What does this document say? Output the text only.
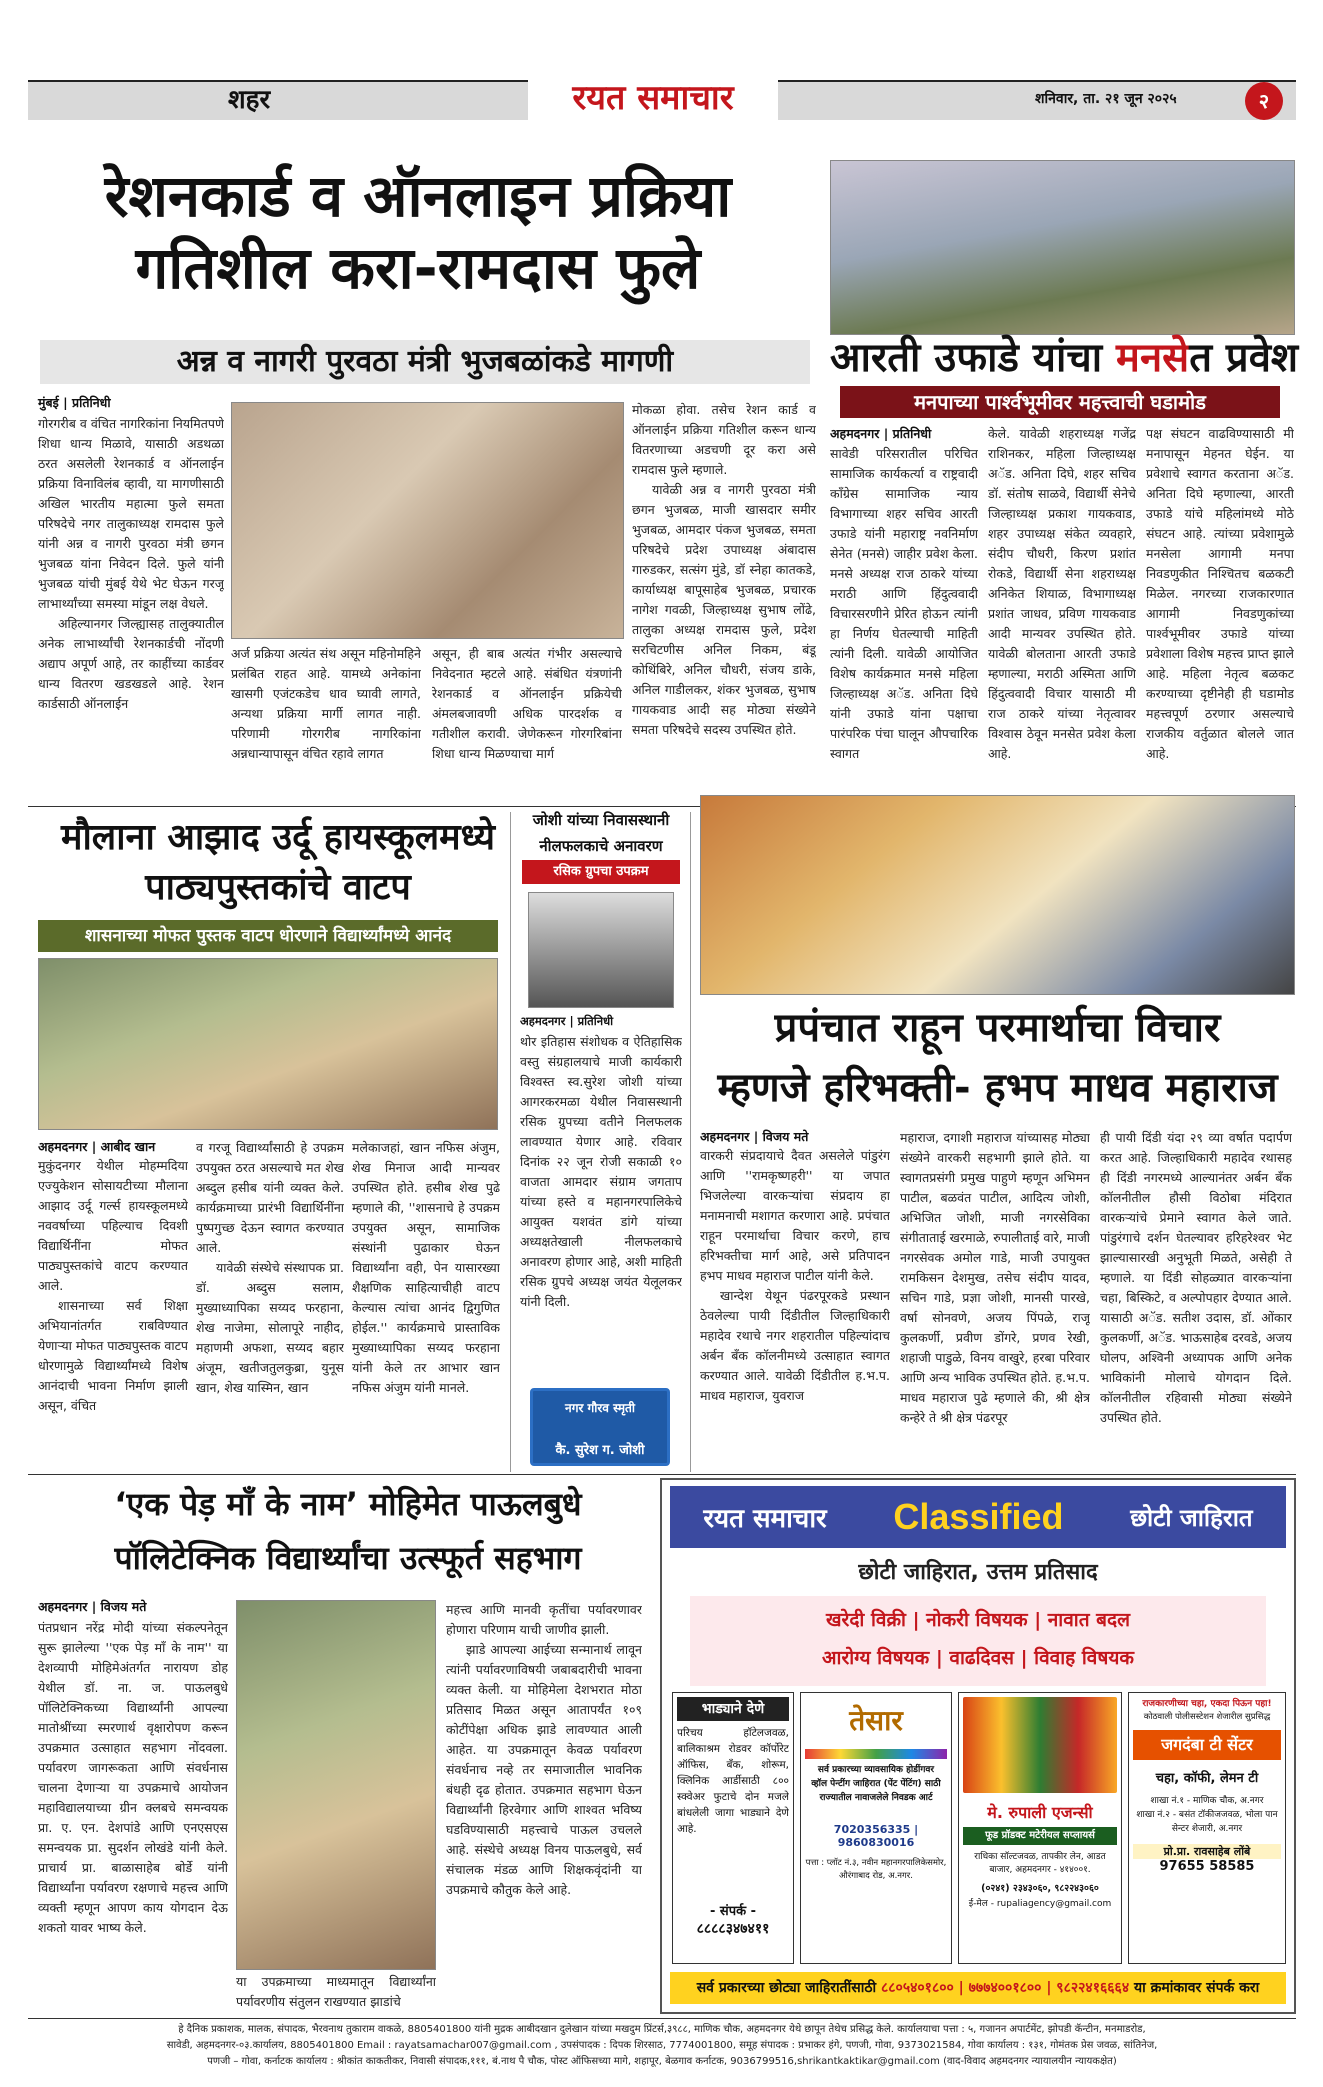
शहर	रयत समाचार	शनिवार, ता. २१ जून २०२५	२
रेशनकार्ड व ऑनलाइन प्रक्रिया
गतिशील करा-रामदास फुले
अन्न व नागरी पुरवठा मंत्री भुजबळांकडे मागणी
मुंबई | प्रतिनिधी

गोरगरीब व वंचित नागरिकांना नियमितपणे शिधा धान्य मिळावे, यासाठी अडथळा ठरत असलेली रेशनकार्ड व ऑनलाईन प्रक्रिया विनाविलंब व्हावी, या मागणीसाठी अखिल भारतीय महात्मा फुले समता परिषदेचे नगर तालुकाध्यक्ष रामदास फुले यांनी अन्न व नागरी पुरवठा मंत्री छगन भुजबळ यांना निवेदन दिले. फुले यांनी भुजबळ यांची मुंबई येथे भेट घेऊन गरजू लाभार्थ्यांच्या समस्या मांडून लक्ष वेधले.

अहिल्यानगर जिल्ह्यासह तालुक्यातील अनेक लाभार्थ्यांची रेशनकार्डची नोंदणी अद्याप अपूर्ण आहे, तर काहींच्या कार्डवर धान्य वितरण खडखडले आहे. रेशन कार्डसाठी ऑनलाईन

अर्ज प्रक्रिया अत्यंत संथ असून महिनोमहिने प्रलंबित राहत आहे. यामध्ये अनेकांना खासगी एजंटकडेच धाव घ्यावी लागते, अन्यथा प्रक्रिया मार्गी लागत नाही. परिणामी गोरगरीब नागरिकांना अन्नधान्यापासून वंचित रहावे लागत
असून, ही बाब अत्यंत गंभीर असल्याचे निवेदनात म्हटले आहे. संबंधित यंत्रणांनी रेशनकार्ड व ऑनलाईन प्रक्रियेची अंमलबजावणी अधिक पारदर्शक व गतीशील करावी. जेणेकरून गोरगरिबांना शिधा धान्य मिळण्याचा मार्ग

मोकळा होवा. तसेच रेशन कार्ड व ऑनलाईन प्रक्रिया गतिशील करून धान्य वितरणाच्या अडचणी दूर करा असे रामदास फुले म्हणाले.

यावेळी अन्न व नागरी पुरवठा मंत्री छगन भुजबळ, माजी खासदार समीर भुजबळ, आमदार पंकज भुजबळ, समता परिषदेचे प्रदेश उपाध्यक्ष अंबादास गारुडकर, सत्संग मुंडे, डॉ स्नेहा कातकडे, कार्याध्यक्ष बापूसाहेब भुजबळ, प्रचारक नागेश गवळी, जिल्हाध्यक्ष सुभाष लोंढे, तालुका अध्यक्ष रामदास फुले, प्रदेश सरचिटणीस अनिल निकम, बंडू कोथिंबिरे, अनिल चौधरी, संजय डाके, अनिल गाडीलकर, शंकर भुजबळ, सुभाष गायकवाड आदी सह मोठ्या संख्येने समता परिषदेचे सदस्य उपस्थित होते.

आरती उफाडे यांचा मनसेत प्रवेश
मनपाच्या पार्श्वभूमीवर महत्त्वाची घडामोड
अहमदनगर | प्रतिनिधी
सावेडी परिसरातील परिचित सामाजिक कार्यकर्त्या व राष्ट्रवादी काँग्रेस सामाजिक न्याय विभागाच्या शहर सचिव आरती उफाडे यांनी महाराष्ट्र नवनिर्माण सेनेत (मनसे) जाहीर प्रवेश केला. मनसे अध्यक्ष राज ठाकरे यांच्या मराठी आणि हिंदुत्ववादी विचारसरणीने प्रेरित होऊन त्यांनी हा निर्णय घेतल्याची माहिती त्यांनी दिली. यावेळी आयोजित विशेष कार्यक्रमात मनसे महिला जिल्हाध्यक्ष अॅड. अनिता दिघे यांनी उफाडे यांना पक्षाचा पारंपरिक पंचा घालून औपचारिक स्वागत
केले. यावेळी शहराध्यक्ष गजेंद्र राशिनकर, महिला जिल्हाध्यक्ष अॅड. अनिता दिघे, शहर सचिव डॉ. संतोष साळवे, विद्यार्थी सेनेचे जिल्हाध्यक्ष प्रकाश गायकवाड, शहर उपाध्यक्ष संकेत व्यवहारे, संदीप चौधरी, किरण प्रशांत रोकडे, विद्यार्थी सेना शहराध्यक्ष अनिकेत शियाळ, विभागाध्यक्ष प्रशांत जाधव, प्रविण गायकवाड आदी मान्यवर उपस्थित होते. यावेळी बोलताना आरती उफाडे म्हणाल्या, मराठी अस्मिता आणि हिंदुत्ववादी विचार यासाठी मी राज ठाकरे यांच्या नेतृत्वावर विश्वास ठेवून मनसेत प्रवेश केला आहे.
पक्ष संघटन वाढविण्यासाठी मी मनापासून मेहनत घेईन. या प्रवेशाचे स्वागत करताना अॅड. अनिता दिघे म्हणाल्या, आरती उफाडे यांचे महिलांमध्ये मोठे संघटन आहे. त्यांच्या प्रवेशामुळे मनसेला आगामी मनपा निवडणुकीत निश्चितच बळकटी मिळेल. नगरच्या राजकारणात आगामी निवडणुकांच्या पार्श्वभूमीवर उफाडे यांच्या प्रवेशाला विशेष महत्त्व प्राप्त झाले आहे. महिला नेतृत्व बळकट करण्याच्या दृष्टीनेही ही घडामोड महत्त्वपूर्ण ठरणार असल्याचे राजकीय वर्तुळात बोलले जात आहे.
मौलाना आझाद उर्दू हायस्कूलमध्ये
पाठ्यपुस्तकांचे वाटप
शासनाच्या मोफत पुस्तक वाटप धोरणाने विद्यार्थ्यांमध्ये आनंद
अहमदनगर | आबीद खान

मुकुंदनगर येथील मोहम्मदिया एज्युकेशन सोसायटीच्या मौलाना आझाद उर्दू गर्ल्स हायस्कूलमध्ये नववर्षाच्या पहिल्याच दिवशी विद्यार्थिनींना मोफत पाठ्यपुस्तकांचे वाटप करण्यात आले.

शासनाच्या सर्व शिक्षा अभियानांतर्गत राबविण्यात येणाऱ्या मोफत पाठ्यपुस्तक वाटप धोरणामुळे विद्यार्थ्यांमध्ये विशेष आनंदाची भावना निर्माण झाली असून, वंचित

व गरजू विद्यार्थ्यांसाठी हे उपक्रम उपयुक्त ठरत असल्याचे मत शेख अब्दुल हसीब यांनी व्यक्त केले. कार्यक्रमाच्या प्रारंभी विद्यार्थिनींना पुष्पगुच्छ देऊन स्वागत करण्यात आले.

यावेळी संस्थेचे संस्थापक प्रा. डॉ. अब्दुस सलाम, मुख्याध्यापिका सय्यद फरहाना, शेख नाजेमा, सोलापूरे नाहीद, महाणमी अफशा, सय्यद बहार अंजूम, खतीजतुलकुब्रा, युनूस खान, शेख यास्मिन, खान

मलेकाजहां, खान नफिस अंजुम, शेख मिनाज आदी मान्यवर उपस्थित होते. हसीब शेख पुढे म्हणाले की, ''शासनाचे हे उपक्रम उपयुक्त असून, सामाजिक संस्थांनी पुढाकार घेऊन विद्यार्थ्यांना वही, पेन यासारख्या शैक्षणिक साहित्याचीही वाटप केल्यास त्यांचा आनंद द्विगुणित होईल.'' कार्यक्रमाचे प्रास्ताविक मुख्याध्यापिका सय्यद फरहाना यांनी केले तर आभार खान नफिस अंजुम यांनी मानले.
जोशी यांच्या निवासस्थानी
नीलफलकाचे अनावरण
रसिक ग्रुपचा उपक्रम
अहमदनगर | प्रतिनिधी
थोर इतिहास संशोधक व ऐतिहासिक वस्तु संग्रहालयाचे माजी कार्यकारी विश्वस्त स्व.सुरेश जोशी यांच्या आगरकरमळा येथील निवासस्थानी रसिक ग्रुपच्या वतीने निलफलक लावण्यात येणार आहे. रविवार दिनांक २२ जून रोजी सकाळी १० वाजता आमदार संग्राम जगताप यांच्या हस्ते व महानगरपालिकेचे आयुक्त यशवंत डांगे यांच्या अध्यक्षतेखाली नीलफलकाचे अनावरण होणार आहे, अशी माहिती रसिक ग्रुपचे अध्यक्ष जयंत येलूलकर यांनी दिली.
नगर गौरव स्मृती
कै. सुरेश ग. जोशी
प्रपंचात राहून परमार्थाचा विचार
म्हणजे हरिभक्ती- हभप माधव महाराज
अहमदनगर | विजय मते

वारकरी संप्रदायाचे दैवत असलेले पांडुरंग आणि ''रामकृष्णहरी'' या जपात भिजलेल्या वारकऱ्यांचा संप्रदाय हा मनामनाची मशागत करणारा आहे. प्रपंचात राहून परमार्थाचा विचार करणे, हाच हरिभक्तीचा मार्ग आहे, असे प्रतिपादन हभप माधव महाराज पाटील यांनी केले.

खान्देश येथून पंढरपूरकडे प्रस्थान ठेवलेल्या पायी दिंडीतील जिल्हाधिकारी महादेव रथाचे नगर शहरातील पहिल्यांदाच अर्बन बँक कॉलनीमध्ये उत्साहात स्वागत करण्यात आले. यावेळी दिंडीतील ह.भ.प. माधव महाराज, युवराज

महाराज, दगाशी महाराज यांच्यासह मोठ्या संख्येने वारकरी सहभागी झाले होते. या स्वागतप्रसंगी प्रमुख पाहुणे म्हणून अभिमन पाटील, बळवंत पाटील, आदित्य जोशी, अभिजित जोशी, माजी नगरसेविका संगीताताई खरमाळे, रुपालीताई वारे, माजी नगरसेवक अमोल गाडे, माजी उपायुक्त रामकिसन देशमुख, तसेच संदीप यादव, सचिन गाडे, प्रज्ञा जोशी, मानसी पारखे, वर्षा सोनवणे, अजय पिंपळे, राजू कुलकर्णी, प्रवीण डोंगरे, प्रणव रेखी, शहाजी पाडुळे, विनय वाखुरे, हरबा परिवार आणि अन्य भाविक उपस्थित होते. ह.भ.प. माधव महाराज पुढे म्हणाले की, श्री क्षेत्र कन्हेरे ते श्री क्षेत्र पंढरपूर
ही पायी दिंडी यंदा २९ व्या वर्षात पदार्पण करत आहे. जिल्हाधिकारी महादेव रथासह ही दिंडी नगरमध्ये आल्यानंतर अर्बन बँक कॉलनीतील हौसी विठोबा मंदिरात वारकऱ्यांचे प्रेमाने स्वागत केले जाते. पांडुरंगाचे दर्शन घेतल्यावर हरिहरेश्वर भेट झाल्यासारखी अनुभूती मिळते, असेही ते म्हणाले. या दिंडी सोहळ्यात वारकऱ्यांना चहा, बिस्किटे, व अल्पोपहार देण्यात आले. यासाठी अॅड. सतीश उदास, डॉ. ओंकार कुलकर्णी, अॅड. भाऊसाहेब दरवडे, अजय घोलप, अश्विनी अध्यापक आणि अनेक भाविकांनी मोलाचे योगदान दिले. कॉलनीतील रहिवासी मोठ्या संख्येने उपस्थित होते.
‘एक पेड़ माँ के नाम’ मोहिमेत पाऊलबुधे
पॉलिटेक्निक विद्यार्थ्यांचा उत्स्फूर्त सहभाग
अहमदनगर | विजय मते
पंतप्रधान नरेंद्र मोदी यांच्या संकल्पनेतून सुरू झालेल्या ''एक पेड़ माँ के नाम'' या देशव्यापी मोहिमेअंतर्गत नारायण डोह येथील डॉ. ना. ज. पाऊलबुधे पॉलिटेक्निकच्या विद्यार्थ्यांनी आपल्या मातोश्रींच्या स्मरणार्थ वृक्षारोपण करून उपक्रमात उत्साहात सहभाग नोंदवला. पर्यावरण जागरूकता आणि संवर्धनास चालना देणाऱ्या या उपक्रमाचे आयोजन महाविद्यालयाच्या ग्रीन क्लबचे समन्वयक प्रा. ए. एन. देशपांडे आणि एनएसएस समन्वयक प्रा. सुदर्शन लोखंडे यांनी केले. प्राचार्य प्रा. बाळासाहेब बोर्डे यांनी विद्यार्थ्यांना पर्यावरण रक्षणाचे महत्त्व आणि व्यक्ती म्हणून आपण काय योगदान देऊ शकतो यावर भाष्य केले.
या उपक्रमाच्या माध्यमातून विद्यार्थ्यांना पर्यावरणीय संतुलन राखण्यात झाडांचे

महत्त्व आणि मानवी कृतींचा पर्यावरणावर होणारा परिणाम याची जाणीव झाली.

झाडे आपल्या आईच्या सन्मानार्थ लावून त्यांनी पर्यावरणाविषयी जबाबदारीची भावना व्यक्त केली. या मोहिमेला देशभरात मोठा प्रतिसाद मिळत असून आतापर्यंत १०९ कोटींपेक्षा अधिक झाडे लावण्यात आली आहेत. या उपक्रमातून केवळ पर्यावरण संवर्धनाच नव्हे तर समाजातील भावनिक बंधही दृढ होतात. उपक्रमात सहभाग घेऊन विद्यार्थ्यांनी हिरवेगार आणि शाश्वत भविष्य घडविण्यासाठी महत्त्वाचे पाऊल उचलले आहे. संस्थेचे अध्यक्ष विनय पाऊलबुधे, सर्व संचालक मंडळ आणि शिक्षकवृंदांनी या उपक्रमाचे कौतुक केले आहे.

रयत समाचार Classified	छोटी जाहिरात
छोटी जाहिरात, उत्तम प्रतिसाद
खरेदी विक्री | नोकरी विषयक | नावात बदल
आरोग्य विषयक | वाढदिवस | विवाह विषयक
भाड्याने देणे
परिचय हॉटेलजवळ, बालिकाश्रम रोडवर कॉर्पोरेट ऑफिस, बँक, शोरूम, क्लिनिक आर्डीसाठी ८०० स्क्वेअर फुटाचे दोन मजले बांधलेली जागा भाड्याने देणे आहे.
- संपर्क -
८८८८३४७४११
तेसार
सर्व प्रकारच्या व्यावसायिक होडींगवर
व्हॉल पेन्टींग जाहिरात (पेंट पेंटिंग) साठी
राज्यातील नावाजलेले निवडक आर्ट
7020356335 | 9860830016
पत्ता : प्लॉट नं.३, नवीन महानगरपालिकेसमोर, औरंगाबाद रोड, अ.नगर.
मे. रुपाली एजन्सी
फूड प्रॉडक्ट मटेरीयल सप्लायर्स
राधिका सॉल्टजवळ, तापकीर लेन, आडत बाजार, अहमदनगर - ४१४००१.
(०२४१) २३४३०६०, ९८२२४३०६०
ई-मेल - rupaliagency@gmail.com
राजकारणीच्या चहा, एकदा पिऊन पहा!
कोठवाली पोलीसस्टेशन शेजारील सुप्रसिद्ध
जगदंबा टी सेंटर
चहा, कॉफी, लेमन टी
शाखा नं.१ - माणिक चौक, अ.नगर
शाखा नं.२ - बसंत टॉकीजजवळ, भोला पान सेन्टर शेजारी, अ.नगर
प्रो.प्रा. रावसाहेब लोंबे
97655 58585
सर्व प्रकारच्या छोट्या जाहिरातींसाठी ८८०५४०१८०० | ७७७४००१८०० | ९८२२४१६६६४ या क्रमांकावर संपर्क करा
हे दैनिक प्रकाशक, मालक, संपादक, भैरवनाथ तुकाराम वाकळे, 8805401800 यांनी मुद्रक आबीदखान दुलेखान यांच्या मखदुम प्रिंटर्स,३९८८, माणिक चौक, अहमदनगर येथे छापून तेथेच प्रसिद्ध केले. कार्यालयाचा पत्ता : ५, गजानन अपार्टमेंट, झोपडी कॅन्टीन, मनमाडरोड,
सावेडी, अहमदनगर-०३.कार्यालय, 8805401800 Email : rayatsamachar007@gmail.com , उपसंपादक : दिपक शिरसाठ, 7774001800, समूह संपादक : प्रभाकर हंगे, पणजी, गोवा, 9373021584, गोवा कार्यालय : १३१, गोमंतक प्रेस जवळ, सांतिनेज,
पणजी – गोवा, कर्नाटक कार्यालय : श्रीकांत काकतीकर, निवासी संपादक,१११, बं.नाथ पै चौक, पोस्ट ऑफिसच्या मागे, शहापूर, बेळगाव कर्नाटक, 9036799516,shrikantkaktikar@gmail.com (वाद-विवाद अहमदनगर न्यायालयीन न्यायकक्षेत)
